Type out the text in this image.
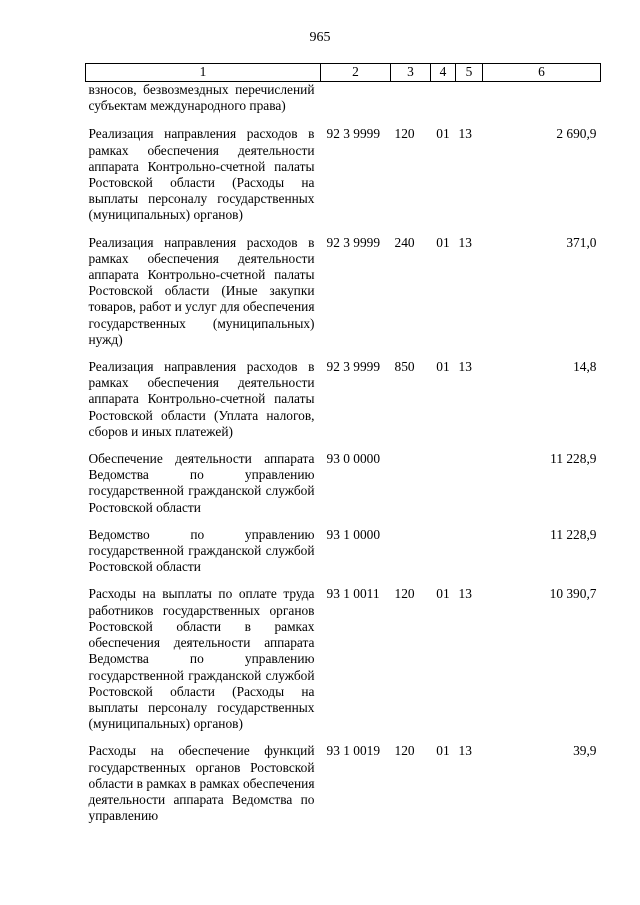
965
1	2	3	4	5	6
взносов, безвозмездных перечислений субъектам международного права)					
Реализация направления расходов в рамках обеспечения деятельности аппарата Контрольно-счетной палаты Ростовской области (Расходы на выплаты персоналу государственных (муниципальных) органов)	92 3 9999	120	01	13	2 690,9
Реализация направления расходов в рамках обеспечения деятельности аппарата Контрольно-счетной палаты Ростовской области (Иные закупки товаров, работ и услуг для обеспечения государственных (муниципальных) нужд)	92 3 9999	240	01	13	371,0
Реализация направления расходов в рамках обеспечения деятельности аппарата Контрольно-счетной палаты Ростовской области (Уплата налогов, сборов и иных платежей)	92 3 9999	850	01	13	14,8
Обеспечение деятельности аппарата Ведомства по управлению государственной гражданской службой Ростовской области	93 0 0000				11 228,9
Ведомство по управлению государственной гражданской службой Ростовской области	93 1 0000				11 228,9
Расходы на выплаты по оплате труда работников государственных органов Ростовской области в рамках обеспечения деятельности аппарата Ведомства по управлению государственной гражданской службой Ростовской области (Расходы на выплаты персоналу государственных (муниципальных) органов)	93 1 0011	120	01	13	10 390,7
Расходы на обеспечение функций государственных органов Ростовской области в рамках в рамках обеспечения деятельности аппарата Ведомства по управлению	93 1 0019	120	01	13	39,9
